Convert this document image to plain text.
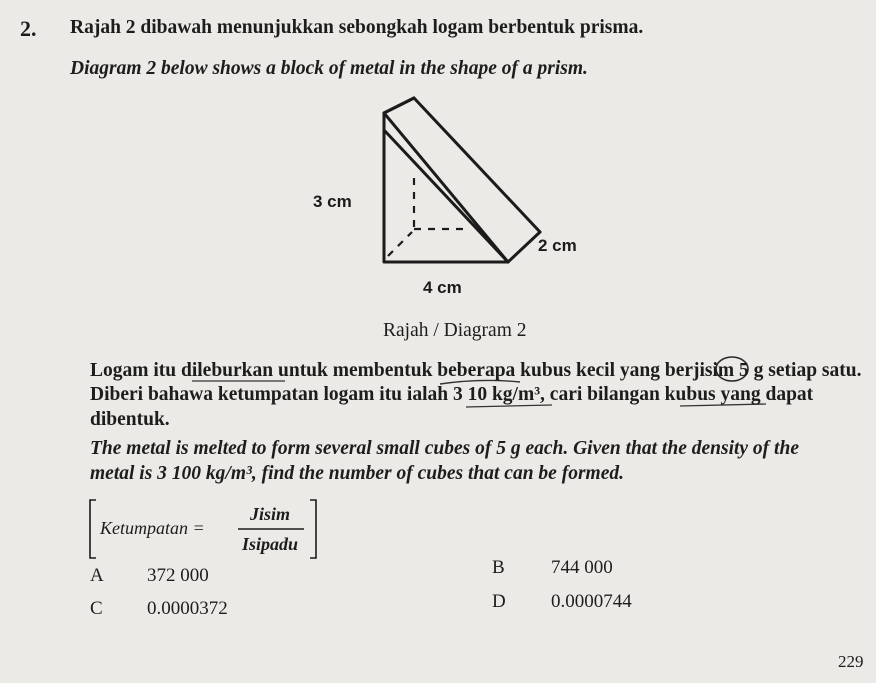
2. Rajah 2 dibawah menunjukkan sebongkah logam berbentuk prisma.
Diagram 2 below shows a block of metal in the shape of a prism.
3 cm
2 cm
4 cm
Rajah / Diagram 2
Logam itu dileburkan untuk membentuk beberapa kubus kecil yang berjisim 5 g setiap satu.
Diberi bahawa ketumpatan logam itu ialah 3 10 kg/m³, cari bilangan kubus yang dapat
dibentuk.
The metal is melted to form several small cubes of 5 g each. Given that the density of the
metal is 3 100 kg/m³, find the number of cubes that can be formed.
Ketumpatan =
Jisim
Isipadu
A 372 000	B 744 000
C 0.0000372	D 0.0000744
229
